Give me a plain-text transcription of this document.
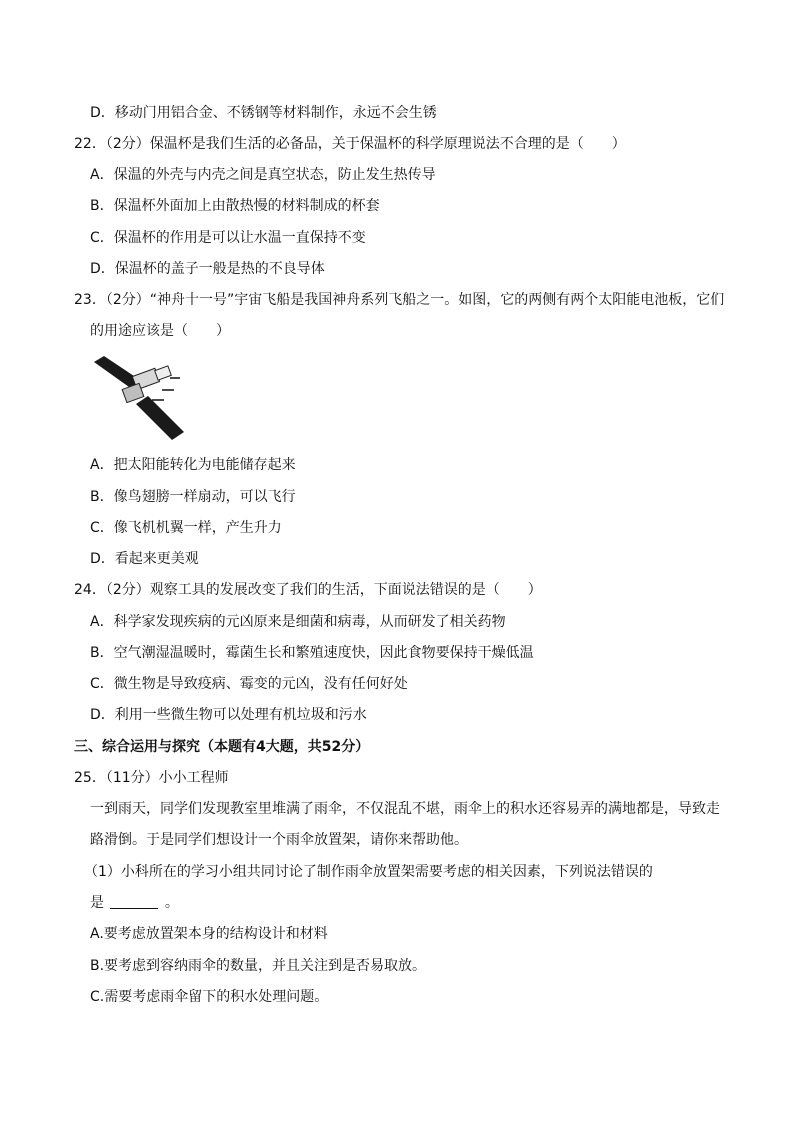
D．移动门用铝合金、不锈钢等材料制作，永远不会生锈
22．（2分）保温杯是我们生活的必备品，关于保温杯的科学原理说法不合理的是（　　）
A．保温的外壳与内壳之间是真空状态，防止发生热传导
B．保温杯外面加上由散热慢的材料制成的杯套
C．保温杯的作用是可以让水温一直保持不变
D．保温杯的盖子一般是热的不良导体
23．（2分）“神舟十一号”宇宙飞船是我国神舟系列飞船之一。如图，它的两侧有两个太阳能电池板，它们
的用途应该是（　　）
A．把太阳能转化为电能储存起来
B．像鸟翅膀一样扇动，可以飞行
C．像飞机机翼一样，产生升力
D．看起来更美观
24．（2分）观察工具的发展改变了我们的生活，下面说法错误的是（　　）
A．科学家发现疾病的元凶原来是细菌和病毒，从而研发了相关药物
B．空气潮湿温暖时，霉菌生长和繁殖速度快，因此食物要保持干燥低温
C．微生物是导致疫病、霉变的元凶，没有任何好处
D．利用一些微生物可以处理有机垃圾和污水
三、综合运用与探究（本题有4大题，共52分）
25．（11分）小小工程师
一到雨天，同学们发现教室里堆满了雨伞，不仅混乱不堪，雨伞上的积水还容易弄的满地都是，导致走
路滑倒。于是同学们想设计一个雨伞放置架，请你来帮助他。
（1）小科所在的学习小组共同讨论了制作雨伞放置架需要考虑的相关因素，下列说法错误的
是	。
A.要考虑放置架本身的结构设计和材料
B.要考虑到容纳雨伞的数量，并且关注到是否易取放。
C.需要考虑雨伞留下的积水处理问题。
